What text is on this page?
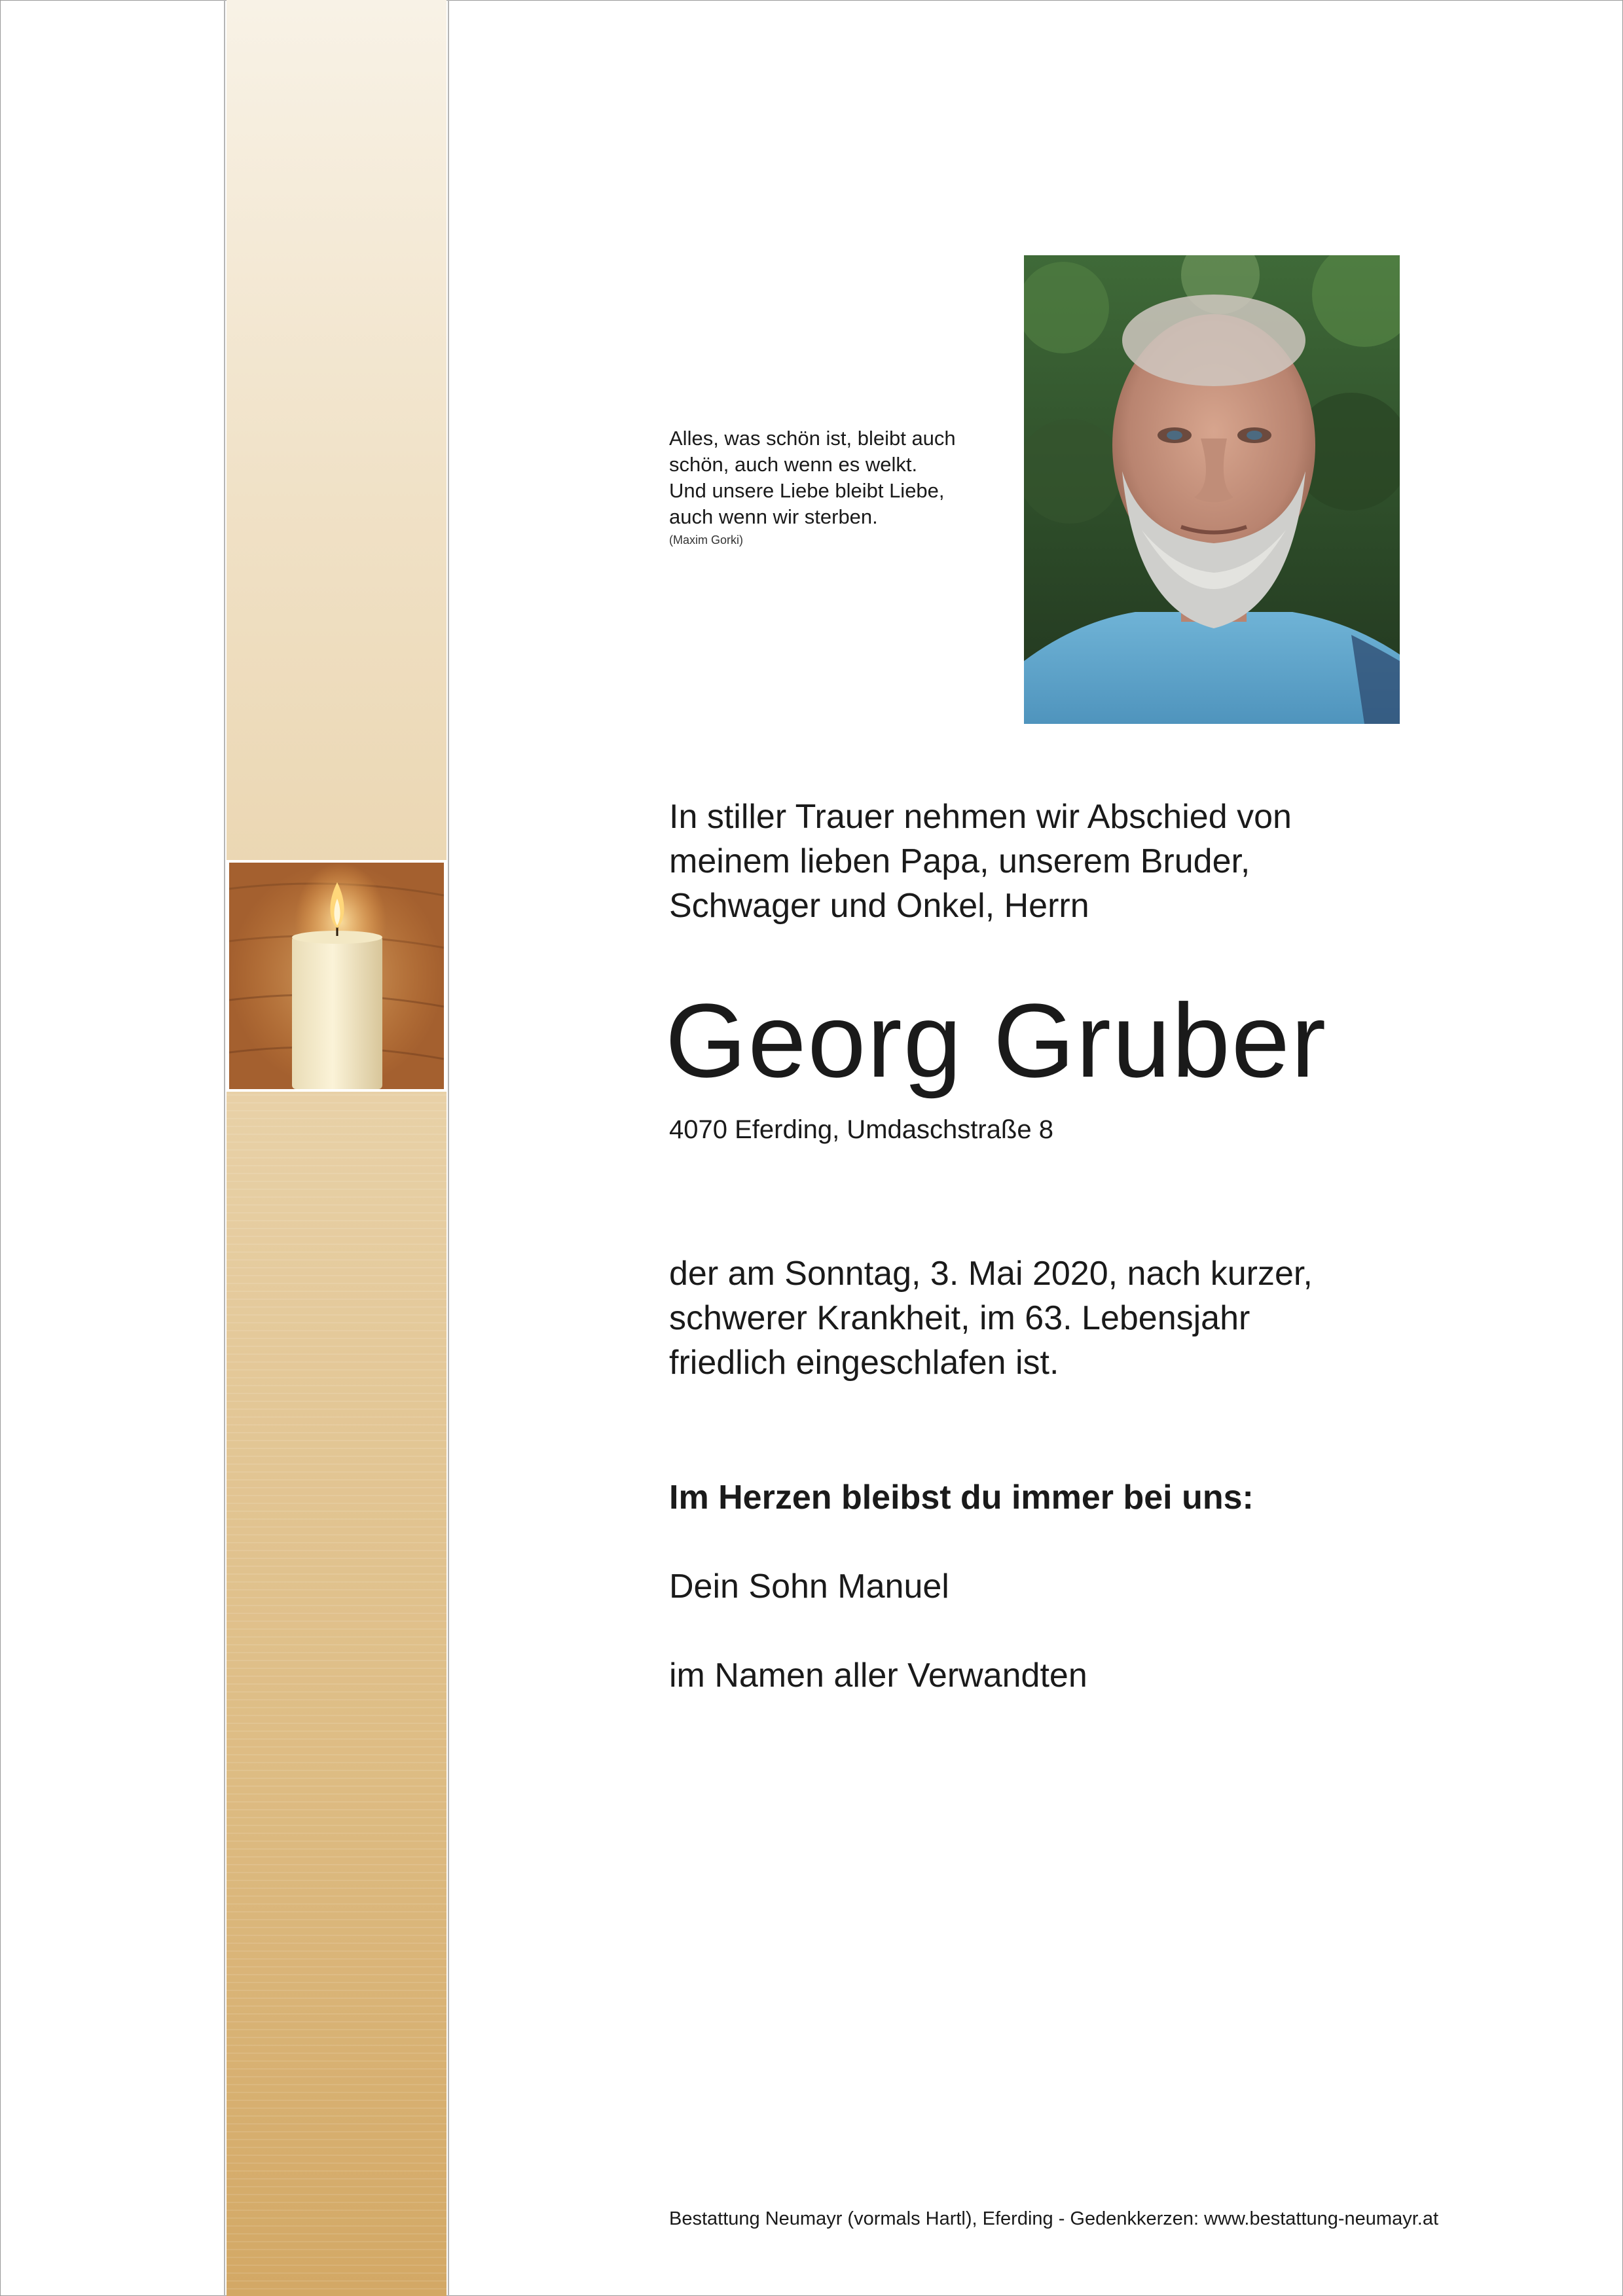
Alles, was schön ist, bleibt auch
schön, auch wenn es welkt.
Und unsere Liebe bleibt Liebe,
auch wenn wir sterben.
(Maxim Gorki)
In stiller Trauer nehmen wir Abschied von
meinem lieben Papa, unserem Bruder,
Schwager und Onkel, Herrn
Georg Gruber
4070 Eferding, Umdaschstraße 8
der am Sonntag, 3. Mai 2020, nach kurzer,
schwerer Krankheit, im 63. Lebensjahr
friedlich eingeschlafen ist.
Im Herzen bleibst du immer bei uns:
Dein Sohn Manuel
im Namen aller Verwandten
Bestattung Neumayr (vormals Hartl), Eferding - Gedenkkerzen: www.bestattung-neumayr.at
